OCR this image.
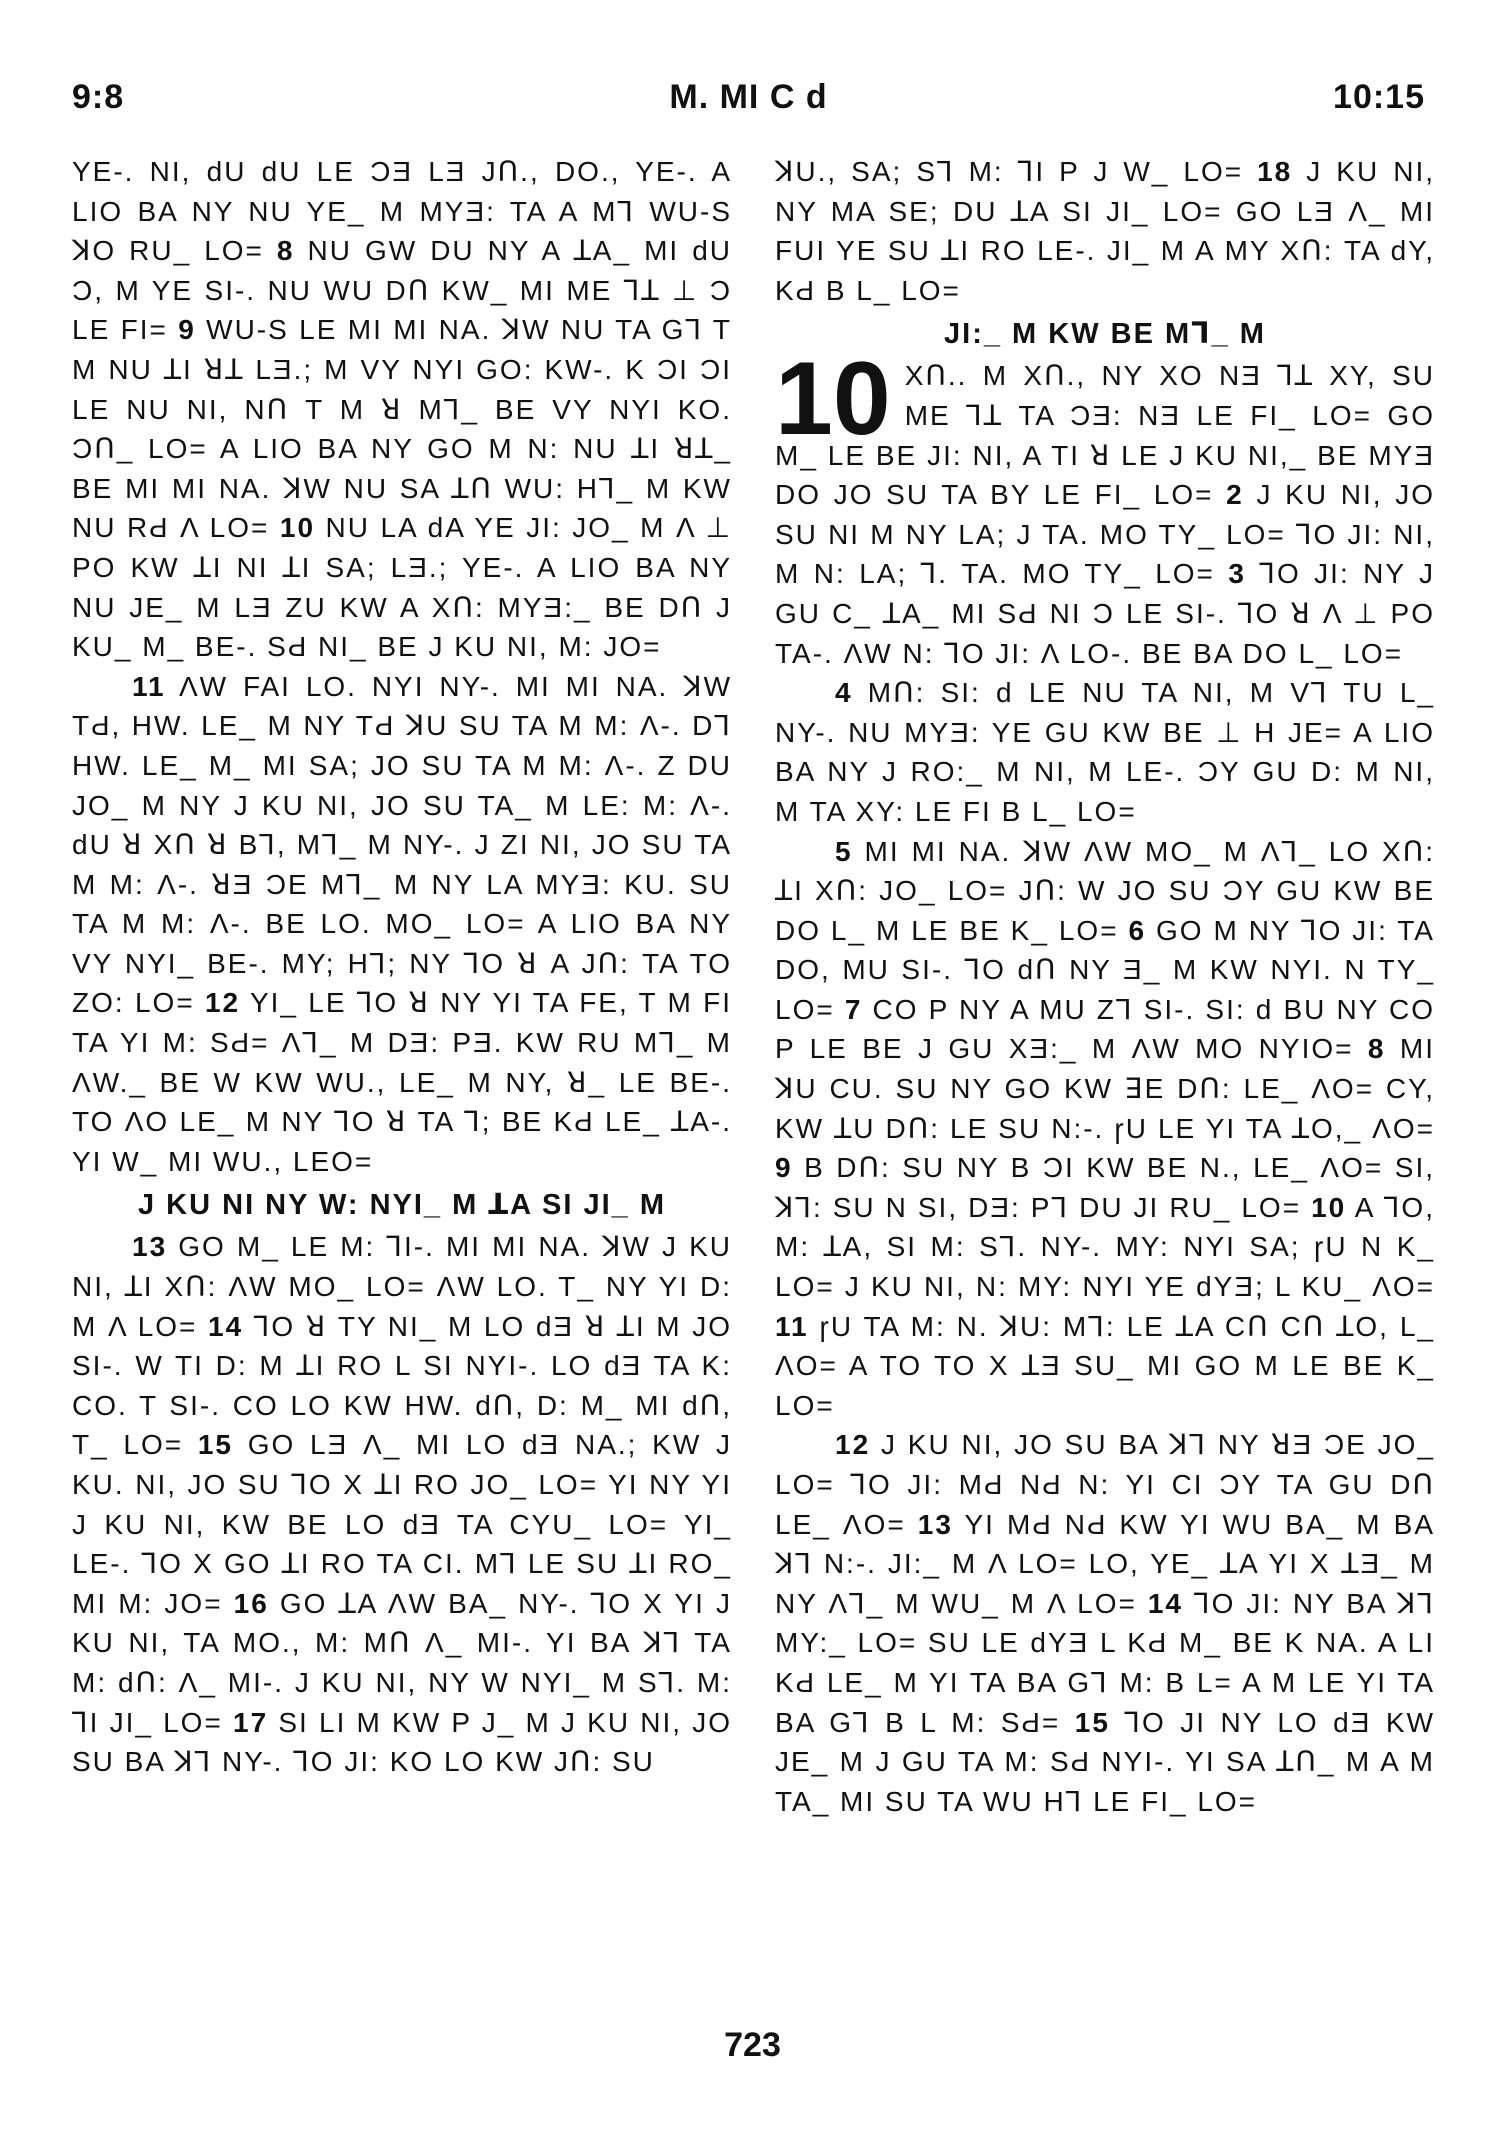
9:8	M. MI C d	10:15

YE-. NI, dU dU LE ƆƎ LƎ JՈ., DO., YE-. A LIO BA NY NU YE_ M MYƎ: TA A MꞀ WU-S ꓘO RU_ LO= 8 NU GW DU NY A ꓕA_ MI dU Ɔ, M YE SI-. NU WU DՈ KW_ MI ME ꓶꓕ ⊥ Ɔ LE FI= 9 WU-S LE MI MI NA. ꓘW NU TA GꞀ T M NU ꓕI ꓤꓕ LƎ.; M VY NYI GO: KW-. K ƆI ƆI LE NU NI, NՈ T M ꓤ MꞀ_ BE VY NYI KO. ƆՈ_ LO= A LIO BA NY GO M N: NU ꓕI ꓤꓕ_ BE MI MI NA. ꓘW NU SA ꓕՈ WU: HꞀ_ M KW NU RԀ Λ LO= 10 NU LA dA YE JI: JO_ M Λ ⊥ PO KW ꓕI NI ꓕI SA; LƎ.; YE-. A LIO BA NY NU JE_ M LƎ ZU KW A XՈ: MYƎ:_ BE DՈ J KU_ M_ BE-. SԀ NI_ BE J KU NI, M: JO=

11 ΛW FAI LO. NYI NY-. MI MI NA. ꓘW TԀ, HW. LE_ M NY TԀ ꓘU SU TA M M: Λ-. DꞀ HW. LE_ M_ MI SA; JO SU TA M M: Λ-. Z DU JO_ M NY J KU NI, JO SU TA_ M LE: M: Λ-. dU ꓤ XՈ ꓤ BꞀ, MꞀ_ M NY-. J ZI NI, JO SU TA M M: Λ-. ꓤƎ ƆE MꞀ_ M NY LA MYƎ: KU. SU TA M M: Λ-. BE LO. MO_ LO= A LIO BA NY VY NYI_ BE-. MY; HꞀ; NY ꓶO ꓤ A JՈ: TA TO ZO: LO= 12 YI_ LE ꓶO ꓤ NY YI TA FE, T M FI TA YI M: SԀ= ΛꞀ_ M DƎ: PƎ. KW RU MꞀ_ M ΛW._ BE W KW WU., LE_ M NY, ꓤ_ LE BE-. TO ΛO LE_ M NY ꓶO ꓤ TA ꓶ; BE KԀ LE_ ꓕA-. YI W_ MI WU., LEO=

J KU NI NY W: NYI_ M ꓕA SI JI_ M

13 GO M_ LE M: ꓶI-. MI MI NA. ꓘW J KU NI, ꓕI XՈ: ΛW MO_ LO= ΛW LO. T_ NY YI D: M Λ LO= 14 ꓶO ꓤ TY NI_ M LO dƎ ꓤ ꓕI M JO SI-. W TI D: M ꓕI RO L SI NYI-. LO dƎ TA K: CO. T SI-. CO LO KW HW. dՈ, D: M_ MI dՈ, T_ LO= 15 GO LƎ Λ_ MI LO dƎ NA.; KW J KU. NI, JO SU ꓶO X ꓕI RO JO_ LO= YI NY YI J KU NI, KW BE LO dƎ TA CYU_ LO= YI_ LE-. ꓶO X GO ꓕI RO TA CI. MꞀ LE SU ꓕI RO_ MI M: JO= 16 GO ꓕA ΛW BA_ NY-. ꓶO X YI J KU NI, TA MO., M: MՈ Λ_ MI-. YI BA ꓘꞀ TA M: dՈ: Λ_ MI-. J KU NI, NY W NYI_ M SꞀ. M: ꓶI JI_ LO= 17 SI LI M KW P J_ M J KU NI, JO SU BA ꓘꞀ NY-. ꓶO JI: KO LO KW JՈ: SU

ꓘU., SA; SꞀ M: ꓶI P J W_ LO= 18 J KU NI, NY MA SE; DU ꓕA SI JI_ LO= GO LƎ Λ_ MI FUI YE SU ꓕI RO LE-. JI_ M A MY XՈ: TA dY, KԀ B L_ LO=

JI:_ M KW BE MꞀ_ M

10 XՈ.. M XՈ., NY XO NƎ ꓶꓕ XY, SU ME ꓶꓕ TA ƆƎ: NƎ LE FI_ LO= GO M_ LE BE JI: NI, A TI ꓤ LE J KU NI,_ BE MYƎ DO JO SU TA BY LE FI_ LO= 2 J KU NI, JO SU NI M NY LA; J TA. MO TY_ LO= ꓶO JI: NI, M N: LA; ꓶ. TA. MO TY_ LO= 3 ꓶO JI: NY J GU C_ ꓕA_ MI SԀ NI Ɔ LE SI-. ꓶO ꓤ Λ ⊥ PO TA-. ΛW N: ꓶO JI: Λ LO-. BE BA DO L_ LO=

4 MՈ: SI: d LE NU TA NI, M VꞀ TU L_ NY-. NU MYƎ: YE GU KW BE ⊥ H JE= A LIO BA NY J RO:_ M NI, M LE-. ƆY GU D: M NI, M TA XY: LE FI B L_ LO=

5 MI MI NA. ꓘW ΛW MO_ M ΛꞀ_ LO XՈ: ꓕI XՈ: JO_ LO= JՈ: W JO SU ƆY GU KW BE DO L_ M LE BE K_ LO= 6 GO M NY ꓶO JI: TA DO, MU SI-. ꓶO dՈ NY Ǝ_ M KW NYI. N TY_ LO= 7 CO P NY A MU ZꞀ SI-. SI: d BU NY CO P LE BE J GU XƎ:_ M ΛW MO NYIO= 8 MI ꓘU CU. SU NY GO KW ꓱE DՈ: LE_ ΛO= CY, KW ꓕU DՈ: LE SU N:-. ɼU LE YI TA ꓕO,_ ΛO= 9 B DՈ: SU NY B ƆI KW BE N., LE_ ΛO= SI, ꓘꞀ: SU N SI, DƎ: PꞀ DU JI RU_ LO= 10 A ꓶO, M: ꓕA, SI M: SꞀ. NY-. MY: NYI SA; ɼU N K_ LO= J KU NI, N: MY: NYI YE dYƎ; L KU_ ΛO= 11 ɼU TA M: N. ꓘU: MꞀ: LE ꓕA CՈ CՈ ꓕO, L_ ΛO= A TO TO X ꓕƎ SU_ MI GO M LE BE K_ LO=

12 J KU NI, JO SU BA ꓘꞀ NY ꓤƎ ƆE JO_ LO= ꓶO JI: MԀ NԀ N: YI CI ƆY TA GU DՈ LE_ ΛO= 13 YI MԀ NԀ KW YI WU BA_ M BA ꓘꞀ N:-. JI:_ M Λ LO= LO, YE_ ꓕA YI X ꓕƎ_ M NY ΛꞀ_ M WU_ M Λ LO= 14 ꓶO JI: NY BA ꓘꞀ MY:_ LO= SU LE dYƎ L KԀ M_ BE K NA. A LI KԀ LE_ M YI TA BA GꞀ M: B L= A M LE YI TA BA GꞀ B L M: SԀ= 15 ꓶO JI NY LO dƎ KW JE_ M J GU TA M: SԀ NYI-. YI SA ꓕՈ_ M A M TA_ MI SU TA WU HꞀ LE FI_ LO=

723
